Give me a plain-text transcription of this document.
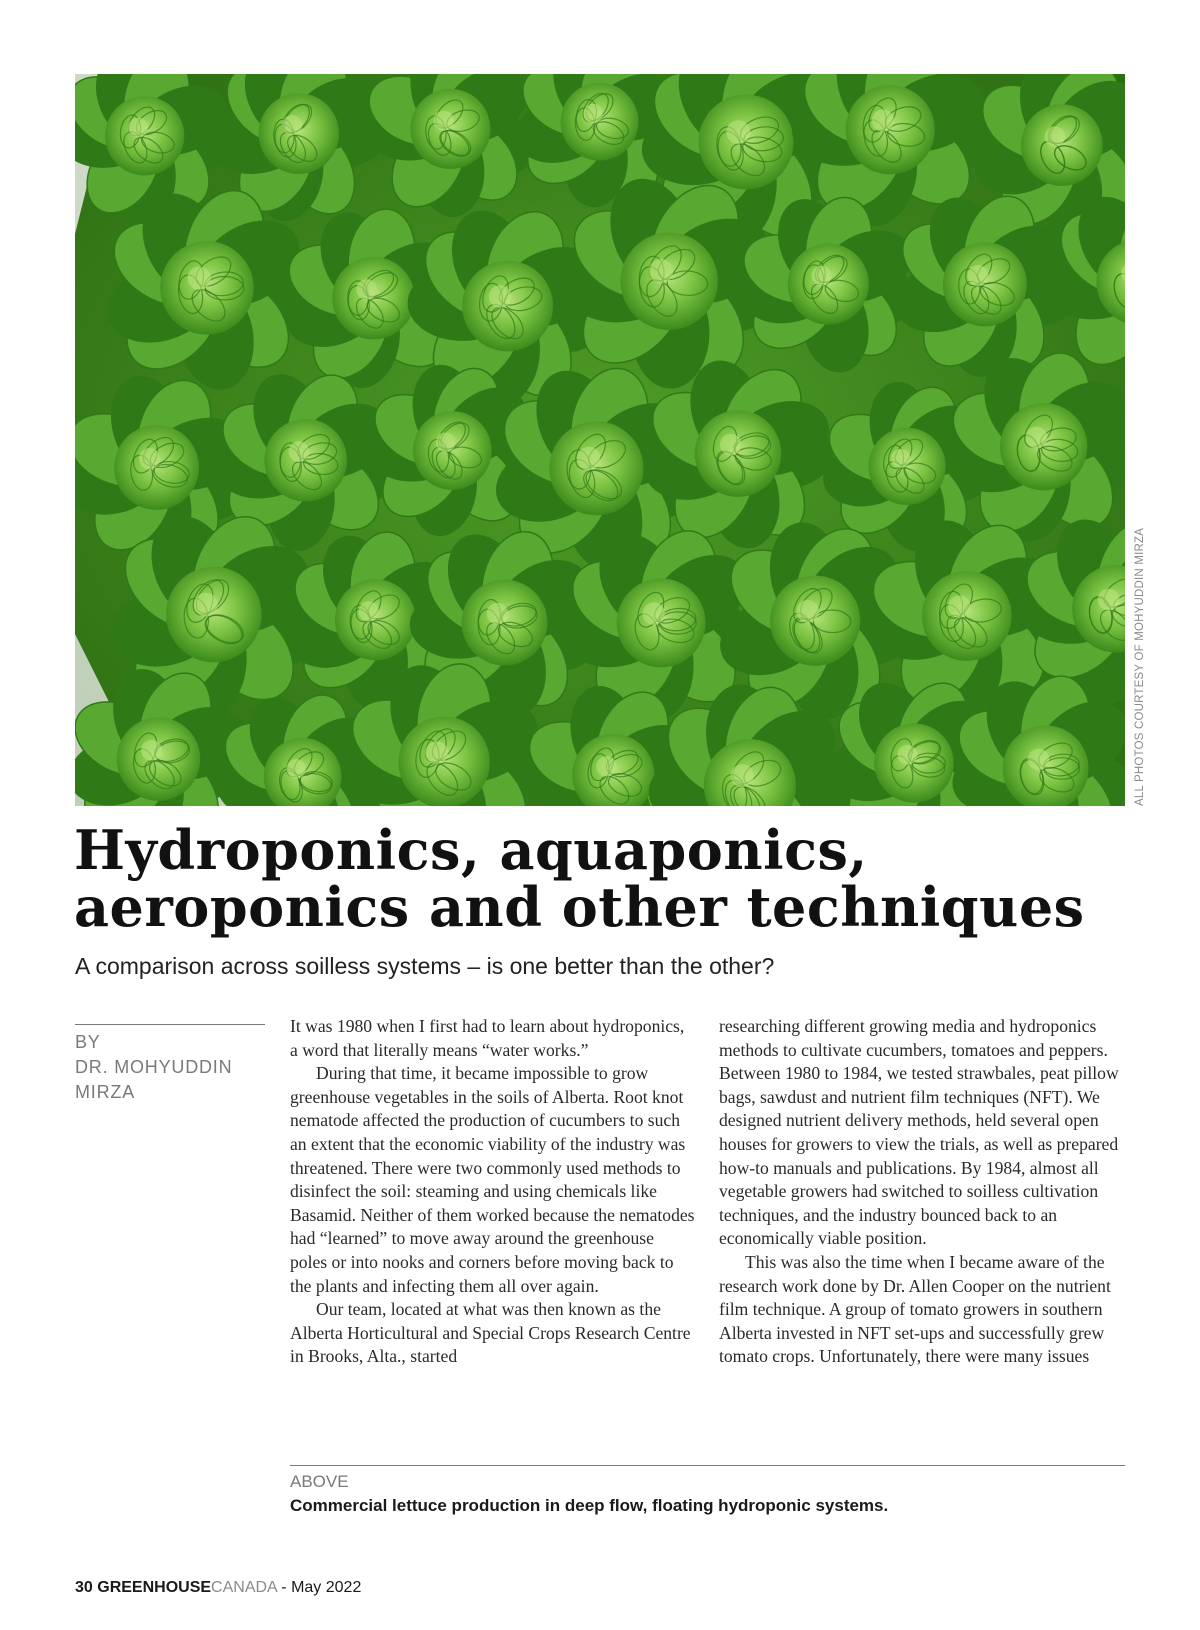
ALL PHOTOS COURTESY OF MOHYUDDIN MIRZA
Hydroponics, aquaponics,
aeroponics and other techniques

A comparison across soilless systems – is one better than the other?

BY
DR. MOHYUDDIN
MIRZA

It was 1980 when I first had to learn about hydroponics, a word that literally means “water works.”

During that time, it became impossible to grow greenhouse vegetables in the soils of Alberta. Root knot nematode affected the production of cucumbers to such an extent that the economic viability of the industry was threatened. There were two commonly used methods to disinfect the soil: steaming and using chemicals like Basamid. Neither of them worked because the nematodes had “learned” to move away around the greenhouse poles or into nooks and corners before moving back to the plants and infecting them all over again.

Our team, located at what was then known as the Alberta Horticultural and Special Crops Research Centre in Brooks, Alta., started

researching different growing media and hydroponics methods to cultivate cucumbers, tomatoes and peppers. Between 1980 to 1984, we tested strawbales, peat pillow bags, sawdust and nutrient film techniques (NFT). We designed nutrient delivery methods, held several open houses for growers to view the trials, as well as prepared how-to manuals and publications. By 1984, almost all vegetable growers had switched to soilless cultivation techniques, and the industry bounced back to an economically viable position.

This was also the time when I became aware of the research work done by Dr. Allen Cooper on the nutrient film technique. A group of tomato growers in southern Alberta invested in NFT set-ups and successfully grew tomato crops. Unfortunately, there were many issues

ABOVE
Commercial lettuce production in deep flow, floating hydroponic systems.
30 GREENHOUSECANADA - May 2022
